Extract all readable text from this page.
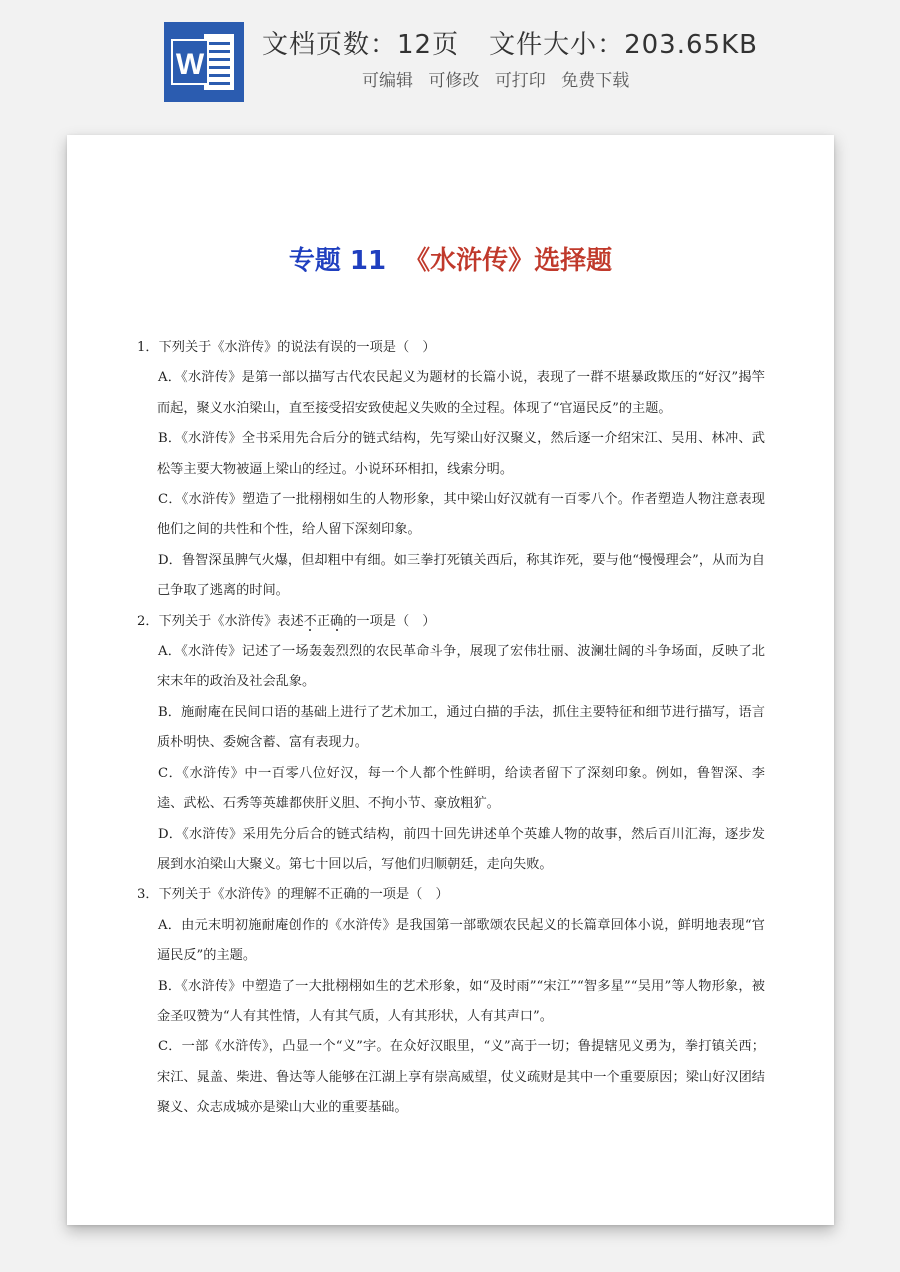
W
文档页数：12页 文件大小：203.65KB
可编辑 可修改 可打印 免费下载
专题 11 《水浒传》选择题

1．下列关于《水浒传》的说法有误的一项是（　）

A．《水浒传》是第一部以描写古代农民起义为题材的长篇小说，表现了一群不堪暴政欺压的“好汉”揭竿而起，聚义水泊梁山，直至接受招安致使起义失败的全过程。体现了“官逼民反”的主题。

B．《水浒传》全书采用先合后分的链式结构，先写梁山好汉聚义，然后逐一介绍宋江、吴用、林冲、武松等主要大物被逼上梁山的经过。小说环环相扣，线索分明。

C．《水浒传》塑造了一批栩栩如生的人物形象，其中梁山好汉就有一百零八个。作者塑造人物注意表现他们之间的共性和个性，给人留下深刻印象。

D．鲁智深虽脾气火爆，但却粗中有细。如三拳打死镇关西后，称其诈死，要与他“慢慢理会”，从而为自己争取了逃离的时间。

2．下列关于《水浒传》表述不正确的一项是（　）

A．《水浒传》记述了一场轰轰烈烈的农民革命斗争，展现了宏伟壮丽、波澜壮阔的斗争场面，反映了北宋末年的政治及社会乱象。

B．施耐庵在民间口语的基础上进行了艺术加工，通过白描的手法，抓住主要特征和细节进行描写，语言质朴明快、委婉含蓄、富有表现力。

C．《水浒传》中一百零八位好汉，每一个人都个性鲜明，给读者留下了深刻印象。例如，鲁智深、李逵、武松、石秀等英雄都侠肝义胆、不拘小节、豪放粗犷。

D．《水浒传》采用先分后合的链式结构，前四十回先讲述单个英雄人物的故事，然后百川汇海，逐步发展到水泊梁山大聚义。第七十回以后，写他们归顺朝廷，走向失败。

3．下列关于《水浒传》的理解不正确的一项是（　）

A．由元末明初施耐庵创作的《水浒传》是我国第一部歌颂农民起义的长篇章回体小说，鲜明地表现“官逼民反”的主题。

B．《水浒传》中塑造了一大批栩栩如生的艺术形象，如“及时雨”“宋江”“智多星”“吴用”等人物形象，被金圣叹赞为“人有其性情，人有其气质，人有其形状，人有其声口”。

C．一部《水浒传》，凸显一个“义”字。在众好汉眼里，“义”高于一切；鲁提辖见义勇为，拳打镇关西；宋江、晁盖、柴进、鲁达等人能够在江湖上享有崇高威望，仗义疏财是其中一个重要原因；梁山好汉团结聚义、众志成城亦是梁山大业的重要基础。
